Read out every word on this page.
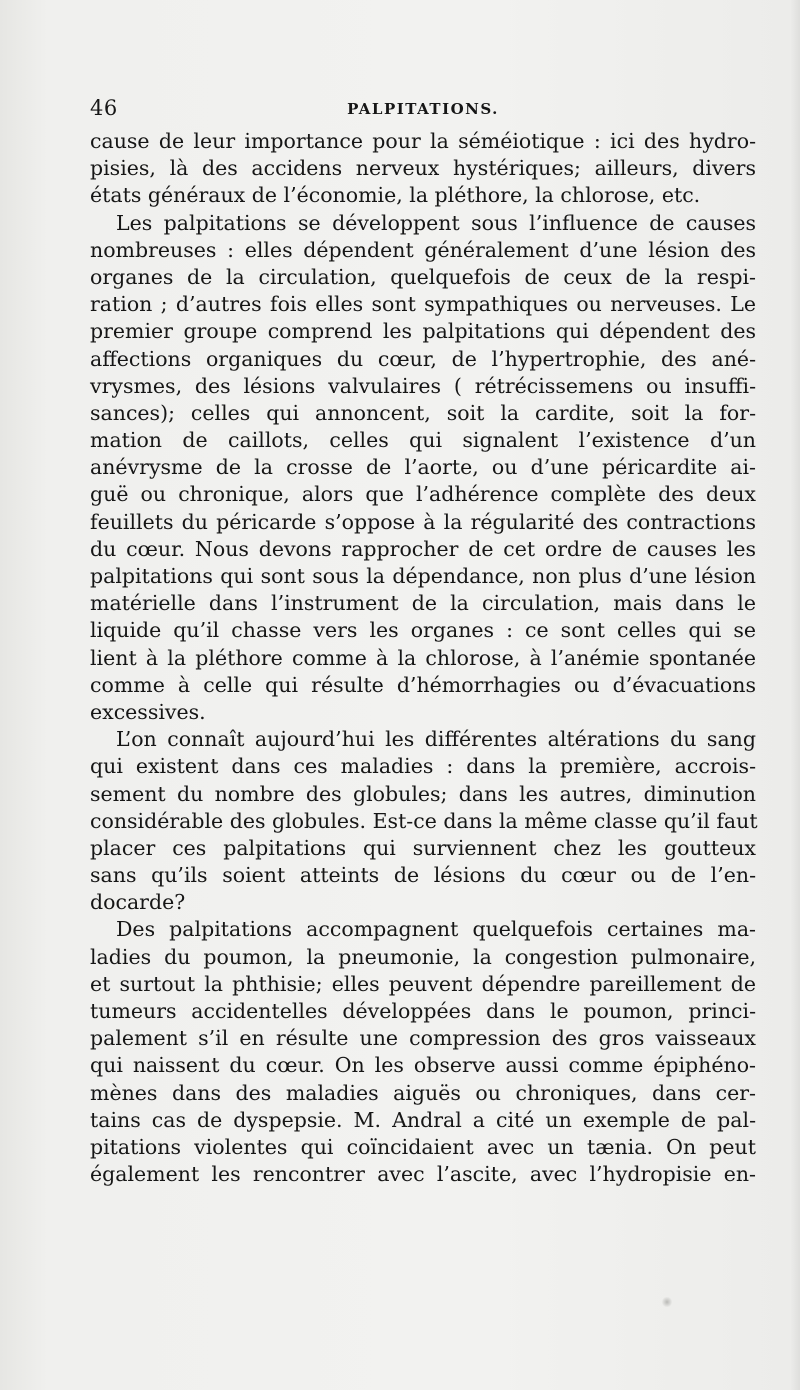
46	PALPITATIONS.
cause de leur importance pour la séméiotique : ici des hydro-
pisies, là des accidens nerveux hystériques; ailleurs, divers
états généraux de l’économie, la pléthore, la chlorose, etc.
Les palpitations se développent sous l’influence de causes
nombreuses : elles dépendent généralement d’une lésion des
organes de la circulation, quelquefois de ceux de la respi-
ration ; d’autres fois elles sont sympathiques ou nerveuses. Le
premier groupe comprend les palpitations qui dépendent des
affections organiques du cœur, de l’hypertrophie, des ané-
vrysmes, des lésions valvulaires ( rétrécissemens ou insuffi-
sances); celles qui annoncent, soit la cardite, soit la for-
mation de caillots, celles qui signalent l’existence d’un
anévrysme de la crosse de l’aorte, ou d’une péricardite ai-
guë ou chronique, alors que l’adhérence complète des deux
feuillets du péricarde s’oppose à la régularité des contractions
du cœur. Nous devons rapprocher de cet ordre de causes les
palpitations qui sont sous la dépendance, non plus d’une lésion
matérielle dans l’instrument de la circulation, mais dans le
liquide qu’il chasse vers les organes : ce sont celles qui se
lient à la pléthore comme à la chlorose, à l’anémie spontanée
comme à celle qui résulte d’hémorrhagies ou d’évacuations
excessives.
L’on connaît aujourd’hui les différentes altérations du sang
qui existent dans ces maladies : dans la première, accrois-
sement du nombre des globules; dans les autres, diminution
considérable des globules. Est-ce dans la même classe qu’il faut
placer ces palpitations qui surviennent chez les goutteux
sans qu’ils soient atteints de lésions du cœur ou de l’en-
docarde?
Des palpitations accompagnent quelquefois certaines ma-
ladies du poumon, la pneumonie, la congestion pulmonaire,
et surtout la phthisie; elles peuvent dépendre pareillement de
tumeurs accidentelles développées dans le poumon, princi-
palement s’il en résulte une compression des gros vaisseaux
qui naissent du cœur. On les observe aussi comme épiphéno-
mènes dans des maladies aiguës ou chroniques, dans cer-
tains cas de dyspepsie. M. Andral a cité un exemple de pal-
pitations violentes qui coïncidaient avec un tænia. On peut
également les rencontrer avec l’ascite, avec l’hydropisie en-
